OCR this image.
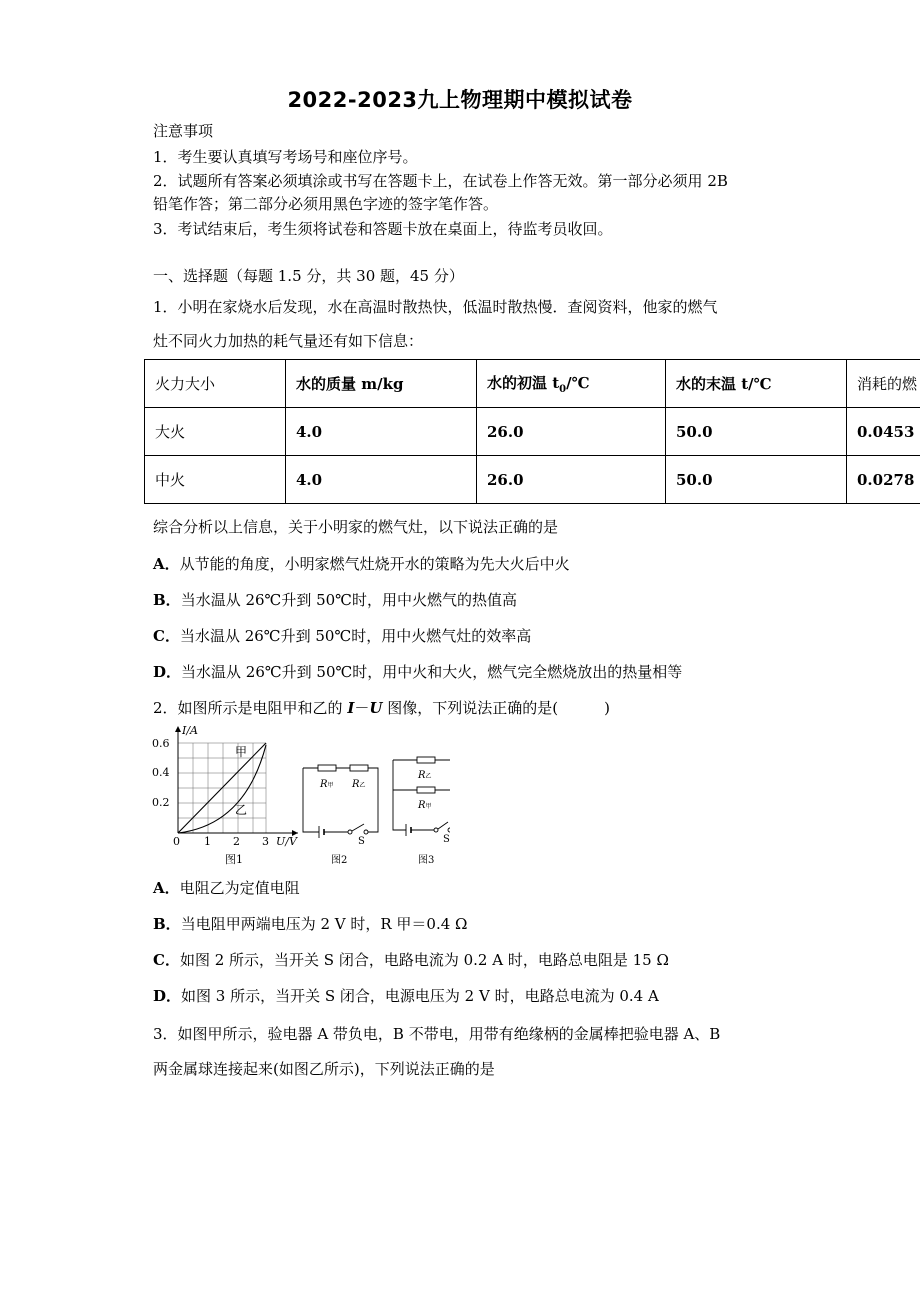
2022-2023九上物理期中模拟试卷
注意事项
1．考生要认真填写考场号和座位序号。
2．试题所有答案必须填涂或书写在答题卡上，在试卷上作答无效。第一部分必须用 2B
铅笔作答；第二部分必须用黑色字迹的签字笔作答。
3．考试结束后，考生须将试卷和答题卡放在桌面上，待监考员收回。
一、选择题（每题 1.5 分，共 30 题，45 分）
1．小明在家烧水后发现，水在高温时散热快，低温时散热慢．查阅资料，他家的燃气
灶不同火力加热的耗气量还有如下信息：
火力大小	水的质量 m/kg	水的初温 $t_0/℃$	水的末温 t/℃	消耗的燃
大火	4.0	26.0	50.0	0.0453
中火	4.0	26.0	50.0	0.0278
综合分析以上信息，关于小明家的燃气灶，以下说法正确的是
A．从节能的角度，小明家燃气灶烧开水的策略为先大火后中火
B．当水温从 26℃升到 50℃时，用中火燃气的热值高
C．当水温从 26℃升到 50℃时，用中火燃气灶的效率高
D．当水温从 26℃升到 50℃时，用中火和大火，燃气完全燃烧放出的热量相等
2．如图所示是电阻甲和乙的 I－U 图像，下列说法正确的是(	)
I/A
0.6
0.4
0.2
0 1 2 3 U/V
甲
乙
图1
R甲 R乙
S
图2
R乙
R甲
S
图3
A．电阻乙为定值电阻
B．当电阻甲两端电压为 2 V 时，R 甲＝0.4 Ω
C．如图 2 所示，当开关 S 闭合，电路电流为 0.2 A 时，电路总电阻是 15 Ω
D．如图 3 所示，当开关 S 闭合，电源电压为 2 V 时，电路总电流为 0.4 A
3．如图甲所示，验电器 A 带负电，B 不带电，用带有绝缘柄的金属棒把验电器 A、B
两金属球连接起来(如图乙所示)，下列说法正确的是
